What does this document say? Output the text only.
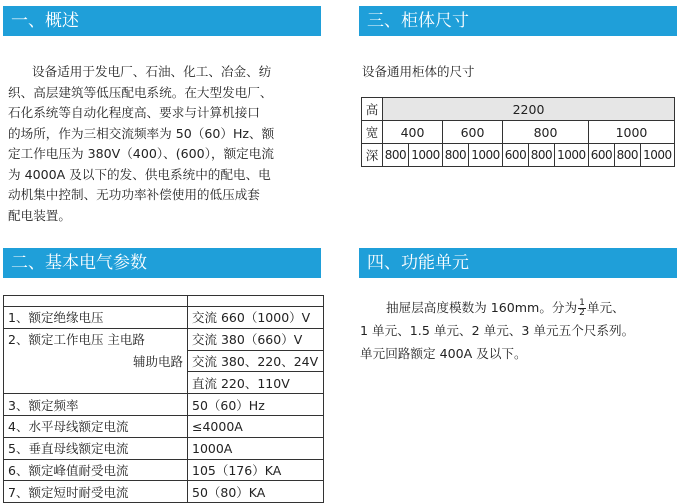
一、概述

设备适用于发电厂、石油、化工、冶金、纺
织、高层建筑等低压配电系统。在大型发电厂、
石化系统等自动化程度高、要求与计算机接口
的场所，作为三相交流频率为 50（60）Hz、额
定工作电压为 380V（400）、(600），额定电流
为 4000A 及以下的发、供电系统中的配电、电
动机集中控制、无功功率补偿使用的低压成套
配电装置。

三、柜体尺寸
设备通用柜体的尺寸
高	2200									
宽	400		600		800			1000		
深	800	1000	800	1000	600	800	1000	600	800	1000
二、基本电气参数

1、额定绝缘电压	交流 660（1000）V
2、额定工作电压 主电路	交流 380（660）V

辅助电路	交流 380、220、24V
	直流 220、110V
3、额定频率	50（60）Hz
4、水平母线额定电流	≤4000A
5、垂直母线额定电流	1000A
6、额定峰值耐受电流	105（176）KA
7、额定短时耐受电流	50（80）KA
四、功能单元
抽屉层高度模数为 160mm。分为 $\frac{1}{2}$ 单元、
1 单元、1.5 单元、2 单元、3 单元五个尺系列。
单元回路额定 400A 及以下。
